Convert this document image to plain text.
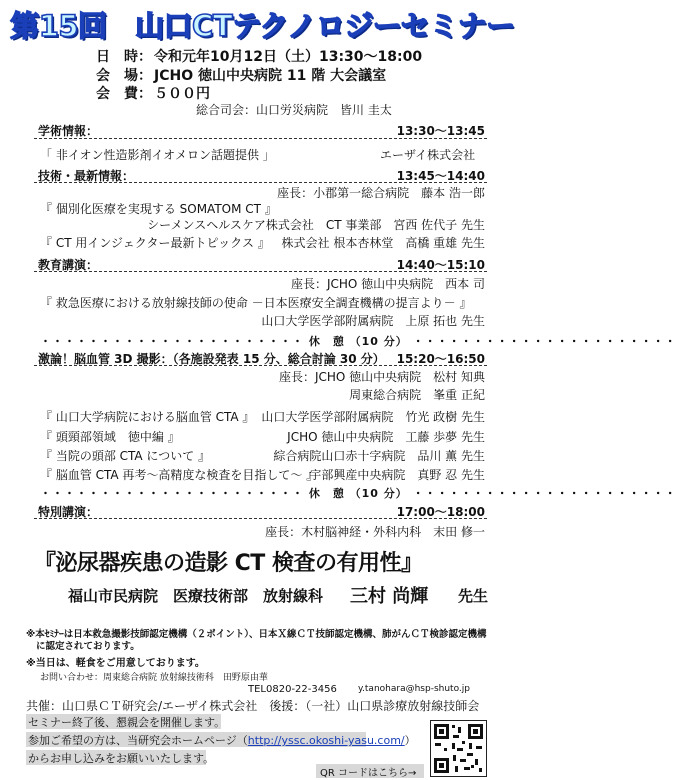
第15回　山口CTテクノロジーセミナー
日　時： 令和元年10月12日（土）13:30～18:00
会　場： JCHO 徳山中央病院 11 階 大会議室
会　費： ５００円
総合司会：山口労災病院　皆川 圭太
学術情報：	13:30～13:45
「 非イオン性造影剤イオメロン話題提供 」	エーザイ株式会社
技術・最新情報：	13:45～14:40
座長：小郡第一総合病院　藤本 浩一郎
『 個別化医療を実現する SOMATOM CT 』
シーメンスヘルスケア株式会社　CT 事業部　宮西 佐代子 先生
『 CT 用インジェクター最新トピックス 』 株式会社 根本杏林堂　高橋 重雄 先生
教育講演：	14:40～15:10
座長：JCHO 徳山中央病院　西本 司
『 救急医療における放射線技師の使命 －日本医療安全調査機構の提言より－ 』
山口大学医学部附属病院　上原 拓也 先生
・・・・・・・・・・・・・・・・・・・・・・ 休　憩 （10 分） ・・・・・・・・・・・・・・・・・・・・・・
激論！脳血管 3D 撮影：（各施設発表 15 分、総合討論 30 分） 15:20～16:50
座長：JCHO 徳山中央病院　松村 知典
周東総合病院　峯重 正紀
『 山口大学病院における脳血管 CTA 』 山口大学医学部附属病院　竹光 政樹 先生
『 頭頸部領域　徳中編 』	JCHO 徳山中央病院　工藤 歩夢 先生
『 当院の頭部 CTA について 』	綜合病院山口赤十字病院　品川 薫 先生
『 脳血管 CTA 再考～高精度な検査を目指して～ 』
宇部興産中央病院　真野 忍 先生
・・・・・・・・・・・・・・・・・・・・・・ 休　憩 （10 分） ・・・・・・・・・・・・・・・・・・・・・・
特別講演：	17:00～18:00
座長：木村脳神経・外科内科　末田 修一
『泌尿器疾患の造影 CT 検査の有用性』
福山市民病院　医療技術部　放射線科 三村 尚輝 先生
※本ｾﾐﾅｰは日本救急撮影技師認定機構（２ポイント）、日本Ｘ線ＣＴ技師認定機構、肺がんＣＴ検診認定機構
に認定されております。
※当日は、軽食をご用意しております。
お問い合わせ：周東総合病院 放射線技術科　田野原由華
TEL0820-22-3456 y.tanohara@hsp-shuto.jp
共催：山口県ＣＴ研究会/エーザイ株式会社　後援：（一社）山口県診療放射線技師会
セミナー終了後、懇親会を開催します。
参加ご希望の方は、当研究会ホームページ（http://yssc.okoshi-yasu.com/）
からお申し込みをお願いいたします。
QR コードはこちら→
